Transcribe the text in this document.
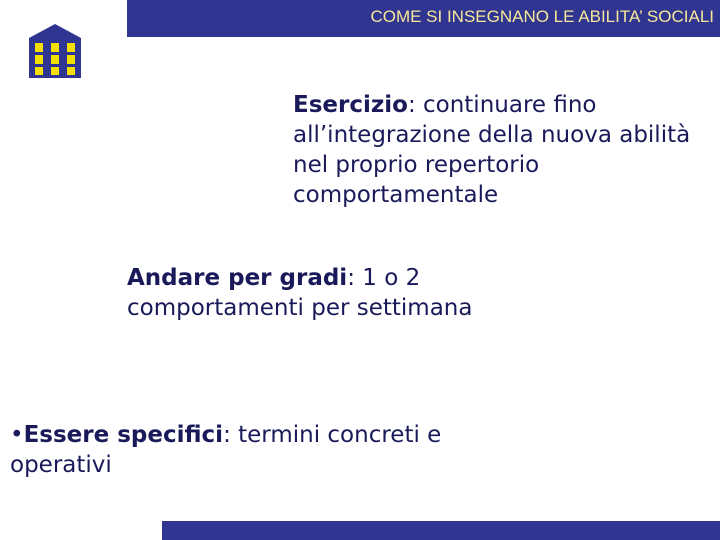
COME SI INSEGNANO LE ABILITA’ SOCIALI
Esercizio: continuare fino all’integrazione della nuova abilità nel proprio repertorio comportamentale
Andare per gradi: 1 o 2 comportamenti per settimana
•Essere specifici: termini concreti e operativi
